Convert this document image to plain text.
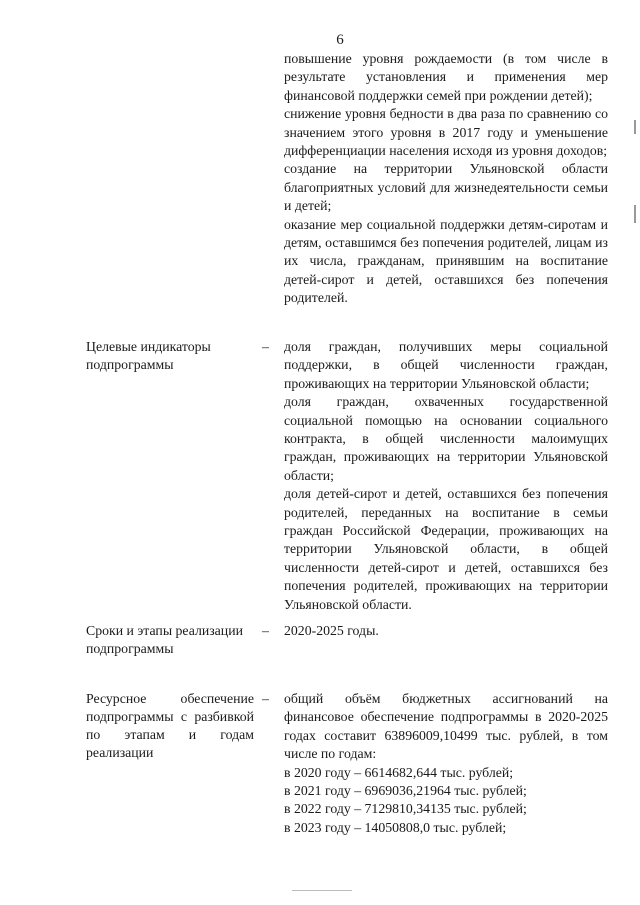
6

повышение уровня рождаемости (в том числе в результате установления и применения мер финансовой поддержки семей при рождении детей);

снижение уровня бедности в два раза по сравнению со значением этого уровня в 2017 году и уменьшение дифференциации населения исходя из уровня доходов;

создание на территории Ульяновской области благоприятных условий для жизнедеятельности семьи и детей;

оказание мер социальной поддержки детям-сиротам и детям, оставшимся без попечения родителей, лицам из их числа, гражданам, принявшим на воспитание детей-сирот и детей, оставшихся без попечения родителей.

Целевые индикаторы подпрограммы
– доля граждан, получивших меры социальной поддержки, в общей численности граждан, проживающих на территории Ульяновской области;

доля граждан, охваченных государственной социальной помощью на основании социального контракта, в общей численности малоимущих граждан, проживающих на территории Ульяновской области;

доля детей-сирот и детей, оставшихся без попечения родителей, переданных на воспитание в семьи граждан Российской Федерации, проживающих на территории Ульяновской области, в общей численности детей-сирот и детей, оставшихся без попечения родителей, проживающих на территории Ульяновской области.

Сроки и этапы реализации подпрограммы
– 2020-2025 годы.

Ресурсное обеспечение подпрограммы с разбивкой по этапам и годам реализации
– общий объём бюджетных ассигнований на финансовое обеспечение подпрограммы в 2020-2025 годах составит 63896009,10499 тыс. рублей, в том числе по годам:

в 2020 году – 6614682,644 тыс. рублей;

в 2021 году – 6969036,21964 тыс. рублей;

в 2022 году – 7129810,34135 тыс. рублей;

в 2023 году – 14050808,0 тыс. рублей;
